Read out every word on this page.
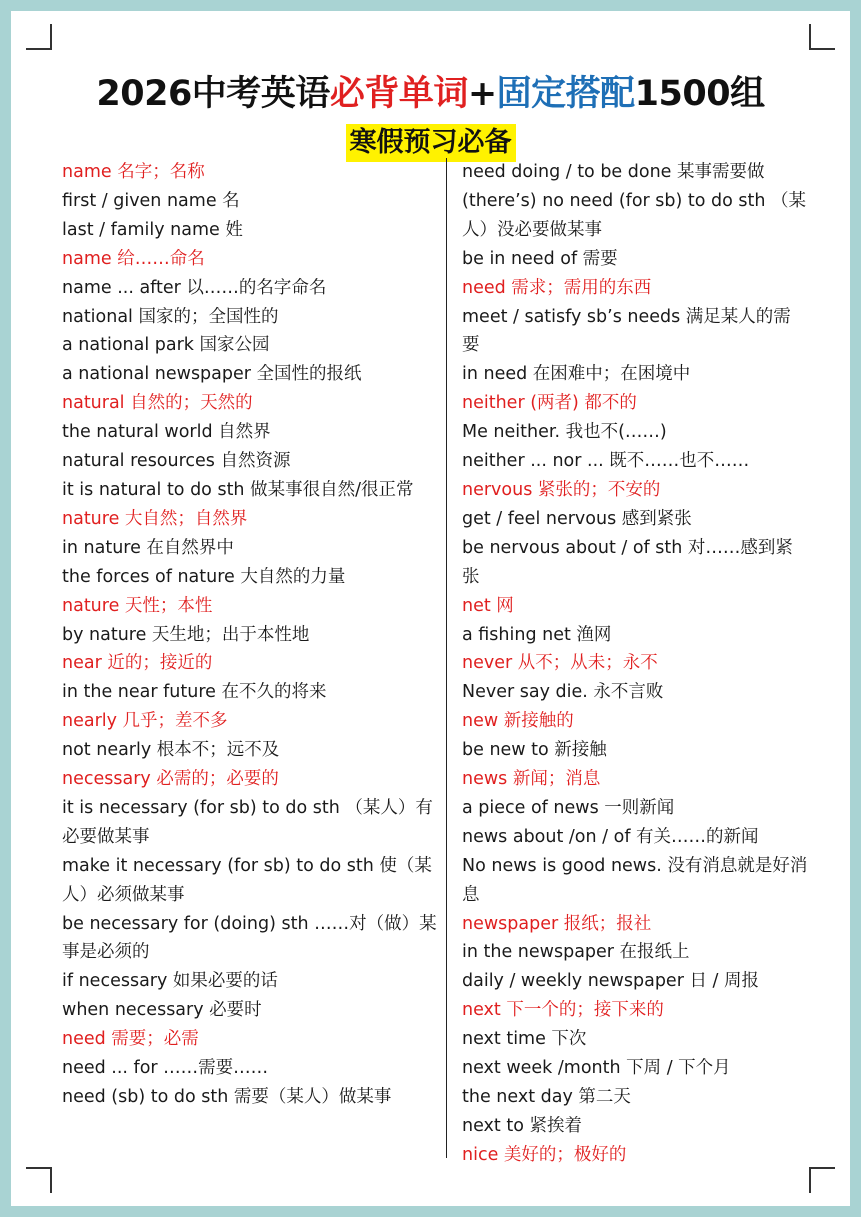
2026中考英语必背单词+固定搭配1500组
寒假预习必备
name 名字；名称
first / given name 名
last / family name 姓
name 给……命名
name ... after 以……的名字命名
national 国家的；全国性的
a national park 国家公园
a national newspaper 全国性的报纸
natural 自然的；天然的
the natural world 自然界
natural resources 自然资源
it is natural to do sth 做某事很自然/很正常
nature 大自然；自然界
in nature 在自然界中
the forces of nature 大自然的力量
nature 天性；本性
by nature 天生地；出于本性地
near 近的；接近的
in the near future 在不久的将来
nearly 几乎；差不多
not nearly 根本不；远不及
necessary 必需的；必要的
it is necessary (for sb) to do sth （某人）有必要做某事
make it necessary (for sb) to do sth 使（某人）必须做某事
be necessary for (doing) sth ……对（做）某事是必须的
if necessary 如果必要的话
when necessary 必要时
need 需要；必需
need ... for ……需要……
need (sb) to do sth 需要（某人）做某事
need doing / to be done 某事需要做
(there’s) no need (for sb) to do sth （某人）没必要做某事
be in need of 需要
need 需求；需用的东西
meet / satisfy sb’s needs 满足某人的需要
in need 在困难中；在困境中
neither (两者) 都不的
Me neither. 我也不(……)
neither ... nor ... 既不……也不……
nervous 紧张的；不安的
get / feel nervous 感到紧张
be nervous about / of sth 对……感到紧张
net 网
a fishing net 渔网
never 从不；从未；永不
Never say die. 永不言败
new 新接触的
be new to 新接触
news 新闻；消息
a piece of news 一则新闻
news about /on / of 有关……的新闻
No news is good news. 没有消息就是好消息
newspaper 报纸；报社
in the newspaper 在报纸上
daily / weekly newspaper 日 / 周报
next 下一个的；接下来的
next time 下次
next week /month 下周 / 下个月
the next day 第二天
next to 紧挨着
nice 美好的；极好的
